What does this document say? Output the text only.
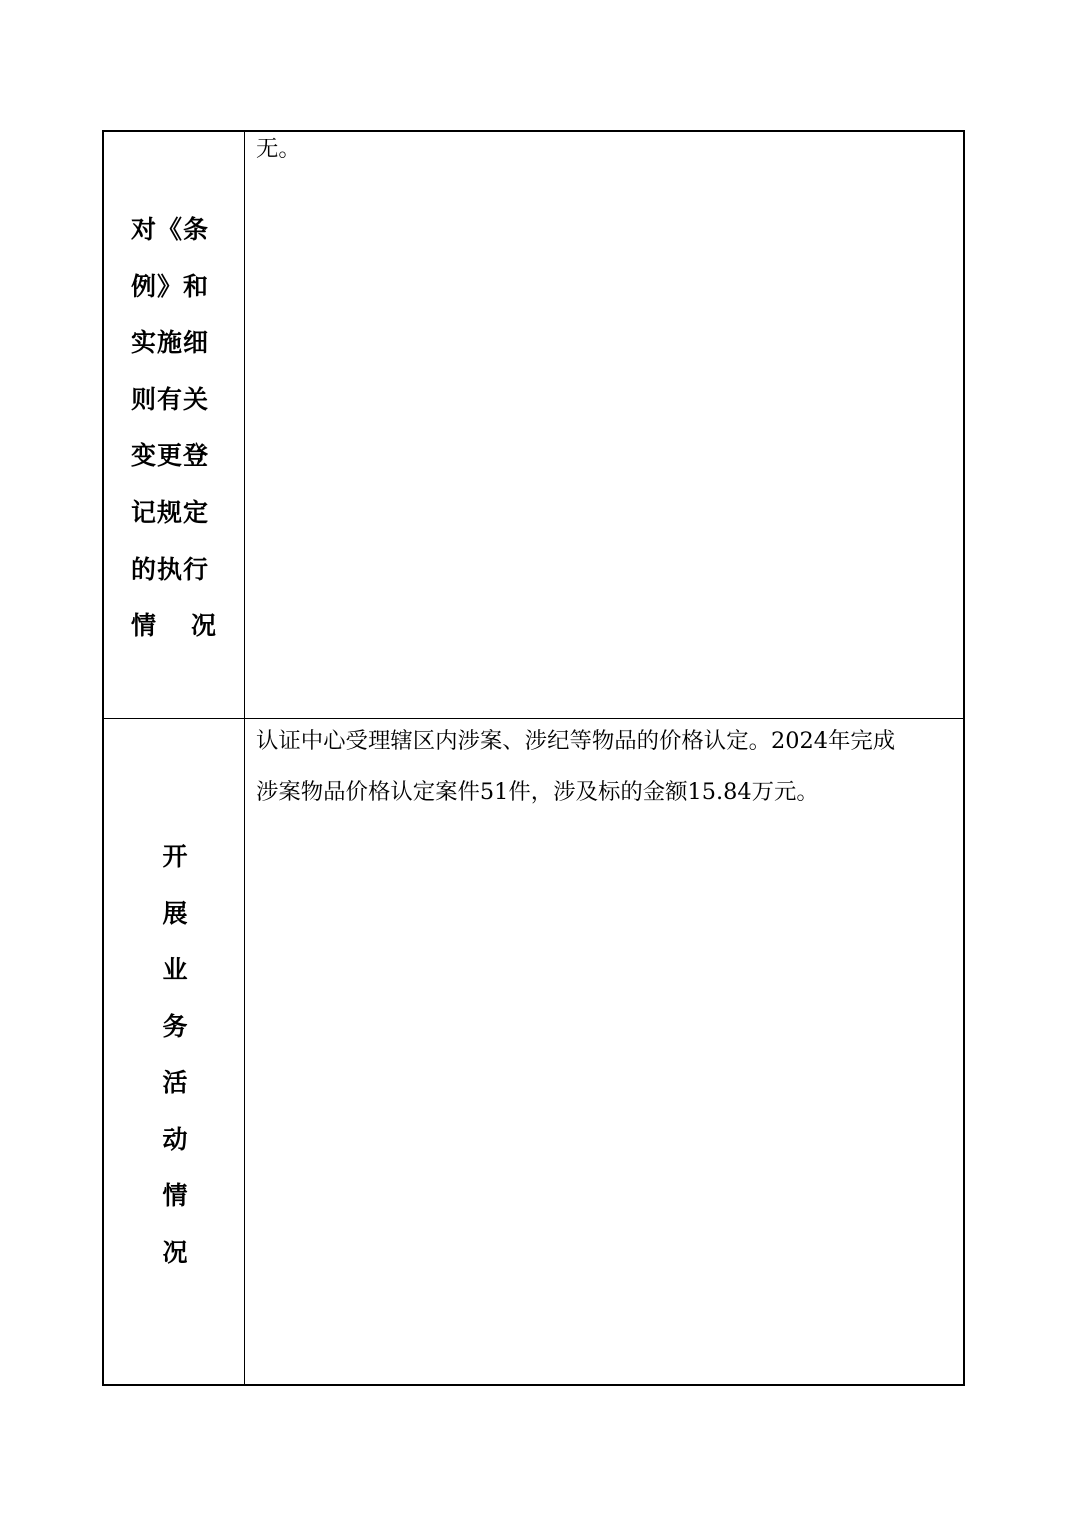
对《条
例》和
实施细
则有关
变更登
记规定
的执行
情 况

无。

开
展
业
务
活
动
情
况

认证中心受理辖区内涉案、涉纪等物品的价格认定。2024年完成

涉案物品价格认定案件51件，涉及标的金额15.84万元。
